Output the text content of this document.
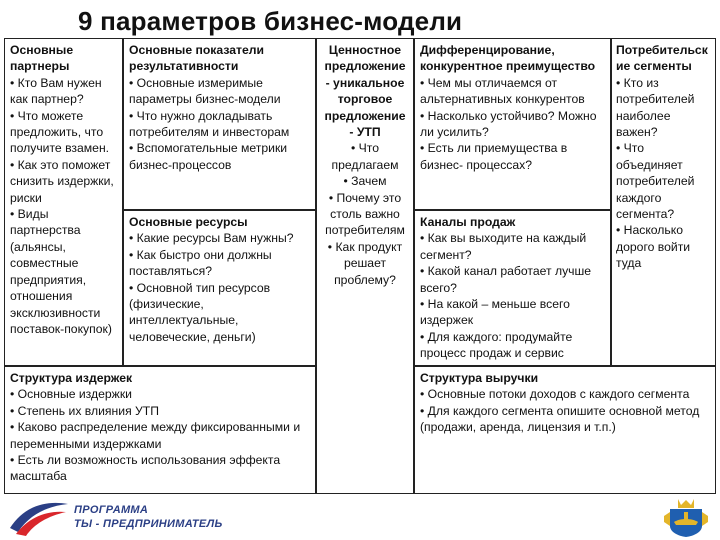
9 параметров бизнес-модели
Основные
партнеры
• Кто Вам нужен как партнер?
• Что можете предложить, что получите взамен.
• Как это поможет снизить издержки, риски
• Виды партнерства (альянсы, совместные предприятия, отношения эксклюзивности поставок-покупок)
Основные показатели
результативности
• Основные измеримые параметры бизнес-модели
• Что нужно докладывать потребителям и инвесторам
• Вспомогательные метрики бизнес-процессов
Основные ресурсы
• Какие ресурсы Вам нужны?
• Как быстро они должны поставляться?
• Основной тип ресурсов (физические, интеллектуальные, человеческие, деньги)
Ценностное
предложение
- уникальное
торговое
предложение
- УТП
• Что предлагаем
• Зачем
• Почему это столь важно потребителям
• Как продукт решает проблему?
Дифференцирование,
конкурентное преимущество
• Чем мы отличаемся от альтернативных конкурентов
• Насколько устойчиво? Можно ли усилить?
• Есть ли приемущества в бизнес- процессах?
Каналы продаж
• Как вы выходите на каждый сегмент?
• Какой канал работает лучше всего?
• На какой – меньше всего издержек
• Для каждого: продумайте процесс продаж и сервис
Потребительск
ие сегменты
• Кто из потребителей наиболее важен?
• Что объединяет потребителей каждого сегмента?
• Насколько дорого войти туда
Структура издержек
• Основные издержки
• Степень их влияния УТП
• Каково распределение между фиксированными и переменными издержками
• Есть ли возможность использования эффекта масштаба
Структура выручки
• Основные потоки доходов с каждого сегмента
• Для каждого сегмента опишите основной метод (продажи, аренда, лицензия и т.п.)
ПРОГРАММА
ТЫ - ПРЕДПРИНИМАТЕЛЬ
